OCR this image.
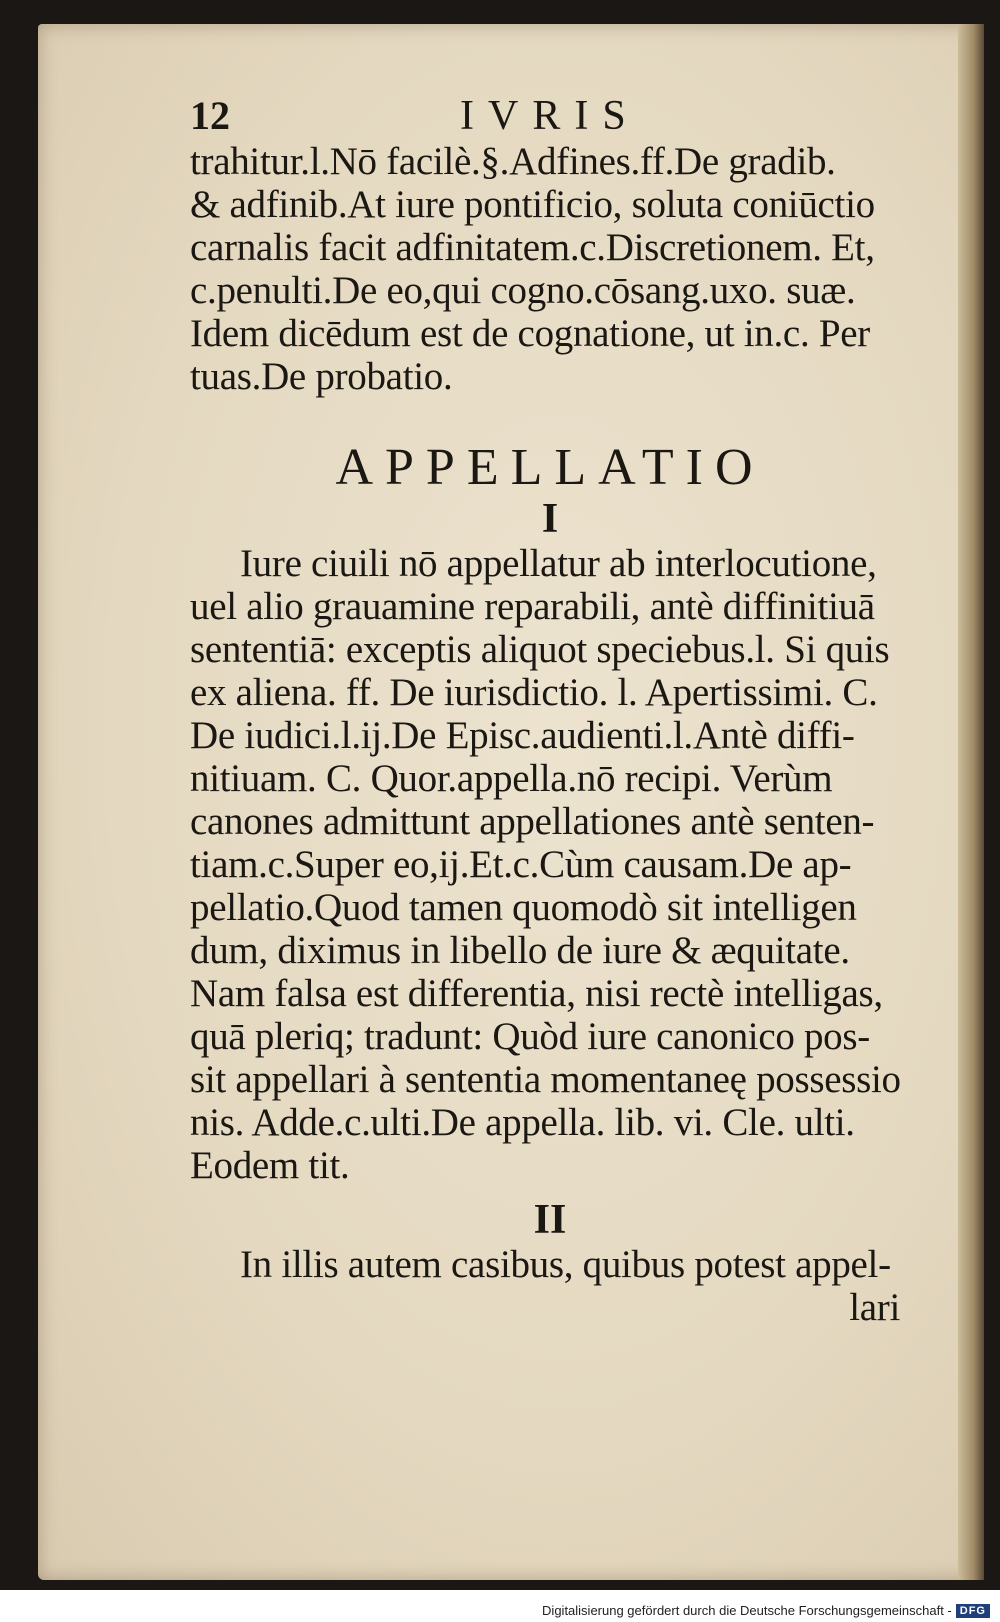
12	IVRIS
trahitur.l.Nō facilè.§.Adfines.ff.De gradib.
& adfinib.At iure pontificio, soluta coniūctio
carnalis facit adfinitatem.c.Discretionem. Et,
c.penulti.De eo,qui cogno.cōsang.uxo. suæ.
Idem dicēdum est de cognatione, ut in.c. Per
tuas.De probatio.
APPELLATIO
I
Iure ciuili nō appellatur ab interlocutione,
uel alio grauamine reparabili, antè diffinitiuā
sententiā: exceptis aliquot speciebus.l. Si quis
ex aliena. ff. De iurisdictio. l. Apertissimi. C.
De iudici.l.ij.De Episc.audienti.l.Antè diffi-
nitiuam. C. Quor.appella.nō recipi. Verùm
canones admittunt appellationes antè senten-
tiam.c.Super eo,ij.Et.c.Cùm causam.De ap-
pellatio.Quod tamen quomodò sit intelligen
dum, diximus in libello de iure & æquitate.
Nam falsa est differentia, nisi rectè intelligas,
quā pleriq; tradunt: Quòd iure canonico pos-
sit appellari à sententia momentaneę possessio
nis. Adde.c.ulti.De appella. lib. vi. Cle. ulti.
Eodem tit.
II
In illis autem casibus, quibus potest appel-
lari
Digitalisierung gefördert durch die Deutsche Forschungsgemeinschaft - DFG
